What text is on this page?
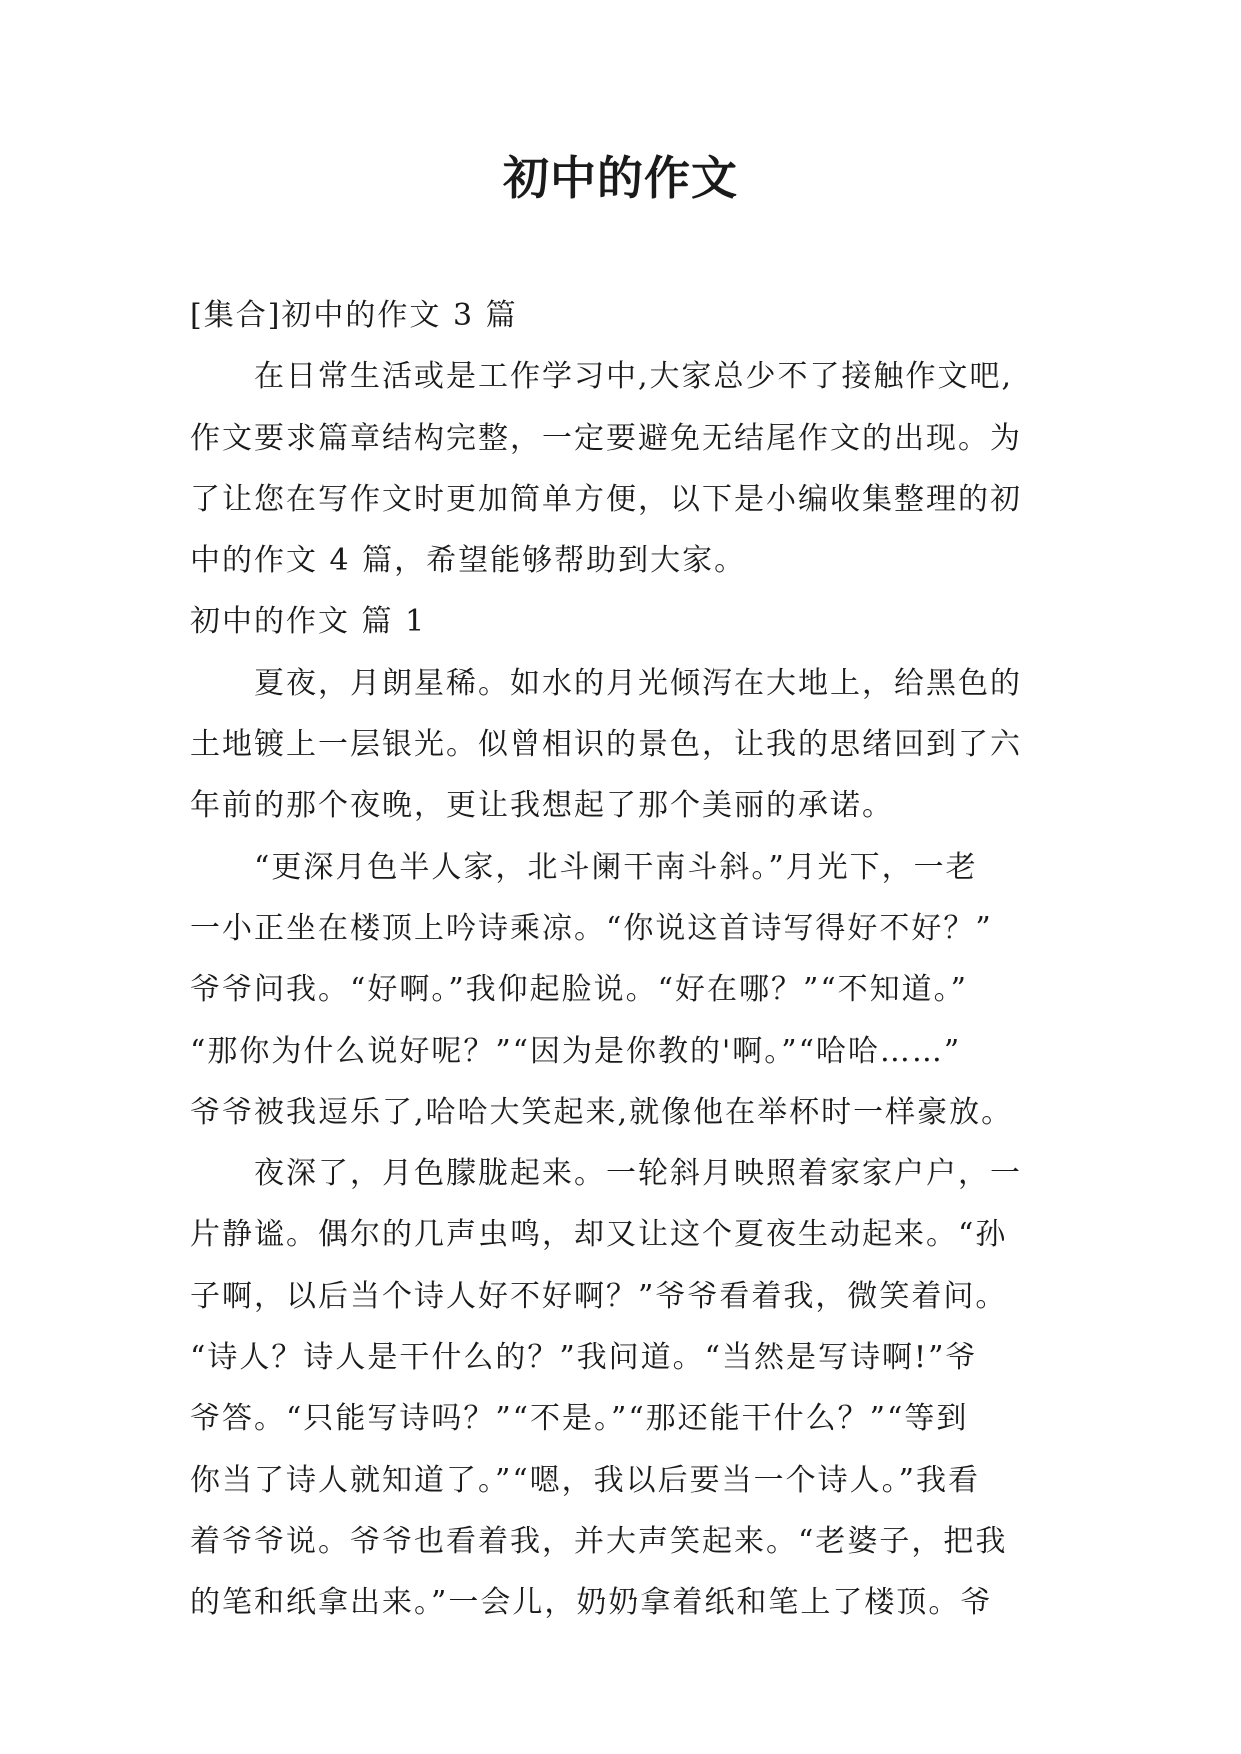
初中的作文
[集合]初中的作文 3 篇
在日常生活或是工作学习中,大家总少不了接触作文吧,
作文要求篇章结构完整，一定要避免无结尾作文的出现。为
了让您在写作文时更加简单方便，以下是小编收集整理的初
中的作文 4 篇，希望能够帮助到大家。
初中的作文 篇 1
夏夜，月朗星稀。如水的月光倾泻在大地上，给黑色的
土地镀上一层银光。似曾相识的景色，让我的思绪回到了六
年前的那个夜晚，更让我想起了那个美丽的承诺。
“更深月色半人家，北斗阑干南斗斜。”月光下，一老
一小正坐在楼顶上吟诗乘凉。“你说这首诗写得好不好？”
爷爷问我。“好啊。”我仰起脸说。“好在哪？”“不知道。”
“那你为什么说好呢？”“因为是你教的'啊。”“哈哈……”
爷爷被我逗乐了,哈哈大笑起来,就像他在举杯时一样豪放。
夜深了，月色朦胧起来。一轮斜月映照着家家户户，一
片静谧。偶尔的几声虫鸣，却又让这个夏夜生动起来。“孙
子啊，以后当个诗人好不好啊？”爷爷看着我，微笑着问。
“诗人？诗人是干什么的？”我问道。“当然是写诗啊!”爷
爷答。“只能写诗吗？”“不是。”“那还能干什么？”“等到
你当了诗人就知道了。”“嗯，我以后要当一个诗人。”我看
着爷爷说。爷爷也看着我，并大声笑起来。“老婆子，把我
的笔和纸拿出来。”一会儿，奶奶拿着纸和笔上了楼顶。爷
